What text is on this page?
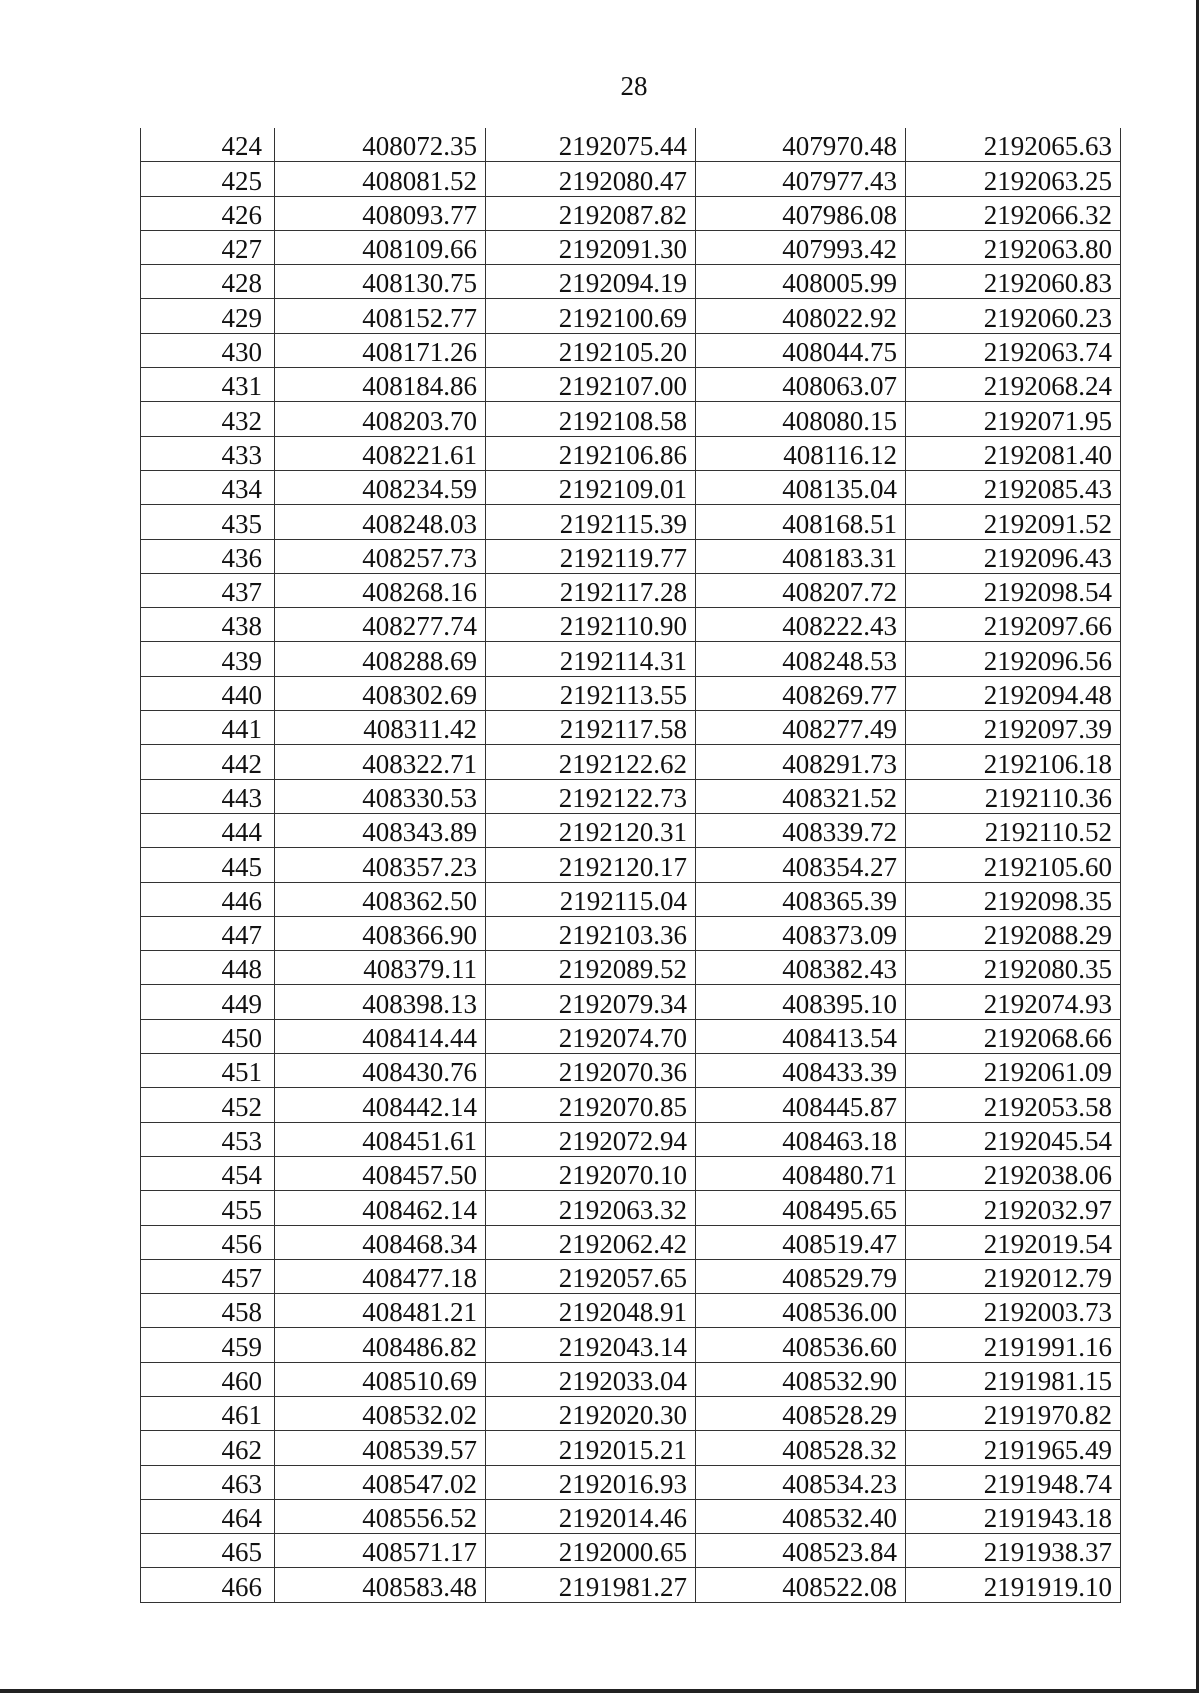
28
424	408072.35	2192075.44	407970.48	2192065.63
425	408081.52	2192080.47	407977.43	2192063.25
426	408093.77	2192087.82	407986.08	2192066.32
427	408109.66	2192091.30	407993.42	2192063.80
428	408130.75	2192094.19	408005.99	2192060.83
429	408152.77	2192100.69	408022.92	2192060.23
430	408171.26	2192105.20	408044.75	2192063.74
431	408184.86	2192107.00	408063.07	2192068.24
432	408203.70	2192108.58	408080.15	2192071.95
433	408221.61	2192106.86	408116.12	2192081.40
434	408234.59	2192109.01	408135.04	2192085.43
435	408248.03	2192115.39	408168.51	2192091.52
436	408257.73	2192119.77	408183.31	2192096.43
437	408268.16	2192117.28	408207.72	2192098.54
438	408277.74	2192110.90	408222.43	2192097.66
439	408288.69	2192114.31	408248.53	2192096.56
440	408302.69	2192113.55	408269.77	2192094.48
441	408311.42	2192117.58	408277.49	2192097.39
442	408322.71	2192122.62	408291.73	2192106.18
443	408330.53	2192122.73	408321.52	2192110.36
444	408343.89	2192120.31	408339.72	2192110.52
445	408357.23	2192120.17	408354.27	2192105.60
446	408362.50	2192115.04	408365.39	2192098.35
447	408366.90	2192103.36	408373.09	2192088.29
448	408379.11	2192089.52	408382.43	2192080.35
449	408398.13	2192079.34	408395.10	2192074.93
450	408414.44	2192074.70	408413.54	2192068.66
451	408430.76	2192070.36	408433.39	2192061.09
452	408442.14	2192070.85	408445.87	2192053.58
453	408451.61	2192072.94	408463.18	2192045.54
454	408457.50	2192070.10	408480.71	2192038.06
455	408462.14	2192063.32	408495.65	2192032.97
456	408468.34	2192062.42	408519.47	2192019.54
457	408477.18	2192057.65	408529.79	2192012.79
458	408481.21	2192048.91	408536.00	2192003.73
459	408486.82	2192043.14	408536.60	2191991.16
460	408510.69	2192033.04	408532.90	2191981.15
461	408532.02	2192020.30	408528.29	2191970.82
462	408539.57	2192015.21	408528.32	2191965.49
463	408547.02	2192016.93	408534.23	2191948.74
464	408556.52	2192014.46	408532.40	2191943.18
465	408571.17	2192000.65	408523.84	2191938.37
466	408583.48	2191981.27	408522.08	2191919.10
